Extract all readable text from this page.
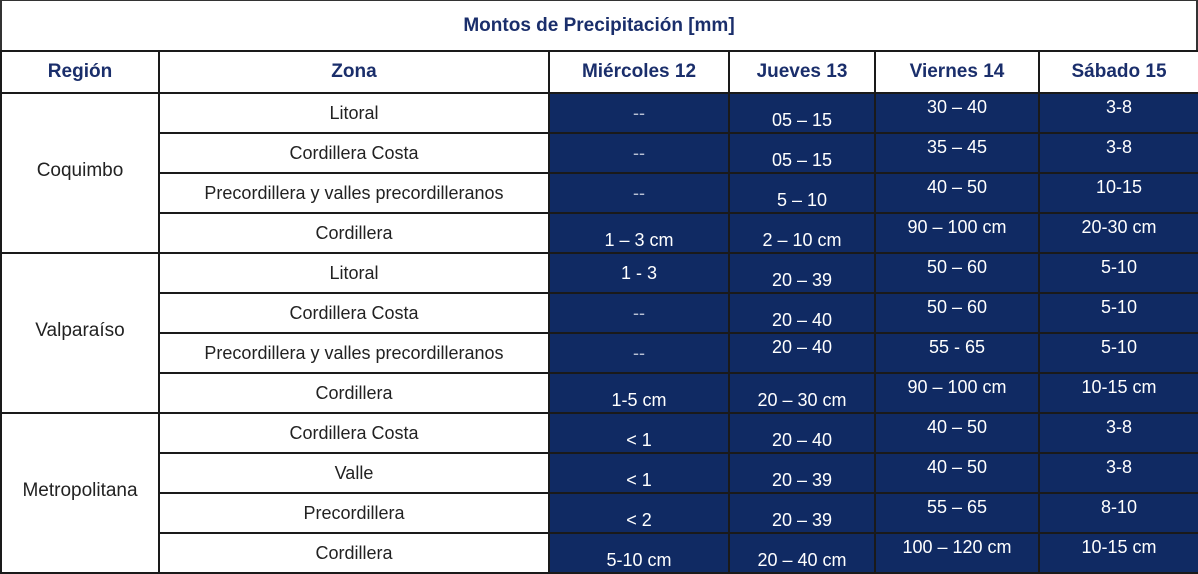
Montos de Precipitación [mm]
Región	Zona	Miércoles 12	Jueves 13	Viernes 14	Sábado 15
Coquimbo	Litoral	--	05 – 15	30 – 40	3-8
	Cordillera Costa	--	05 – 15	35 – 45	3-8
	Precordillera y valles precordilleranos	--	5 – 10	40 – 50	10-15
	Cordillera	1 – 3 cm	2 – 10 cm	90 – 100 cm	20-30 cm
Valparaíso	Litoral	1 - 3	20 – 39	50 – 60	5-10
	Cordillera Costa	--	20 – 40	50 – 60	5-10
	Precordillera y valles precordilleranos	--	20 – 40	55 - 65	5-10
	Cordillera	1-5 cm	20 – 30 cm	90 – 100 cm	10-15 cm
Metropolitana	Cordillera Costa	< 1	20 – 40	40 – 50	3-8
	Valle	< 1	20 – 39	40 – 50	3-8
	Precordillera	< 2	20 – 39	55 – 65	8-10
	Cordillera	5-10 cm	20 – 40 cm	100 – 120 cm	10-15 cm
